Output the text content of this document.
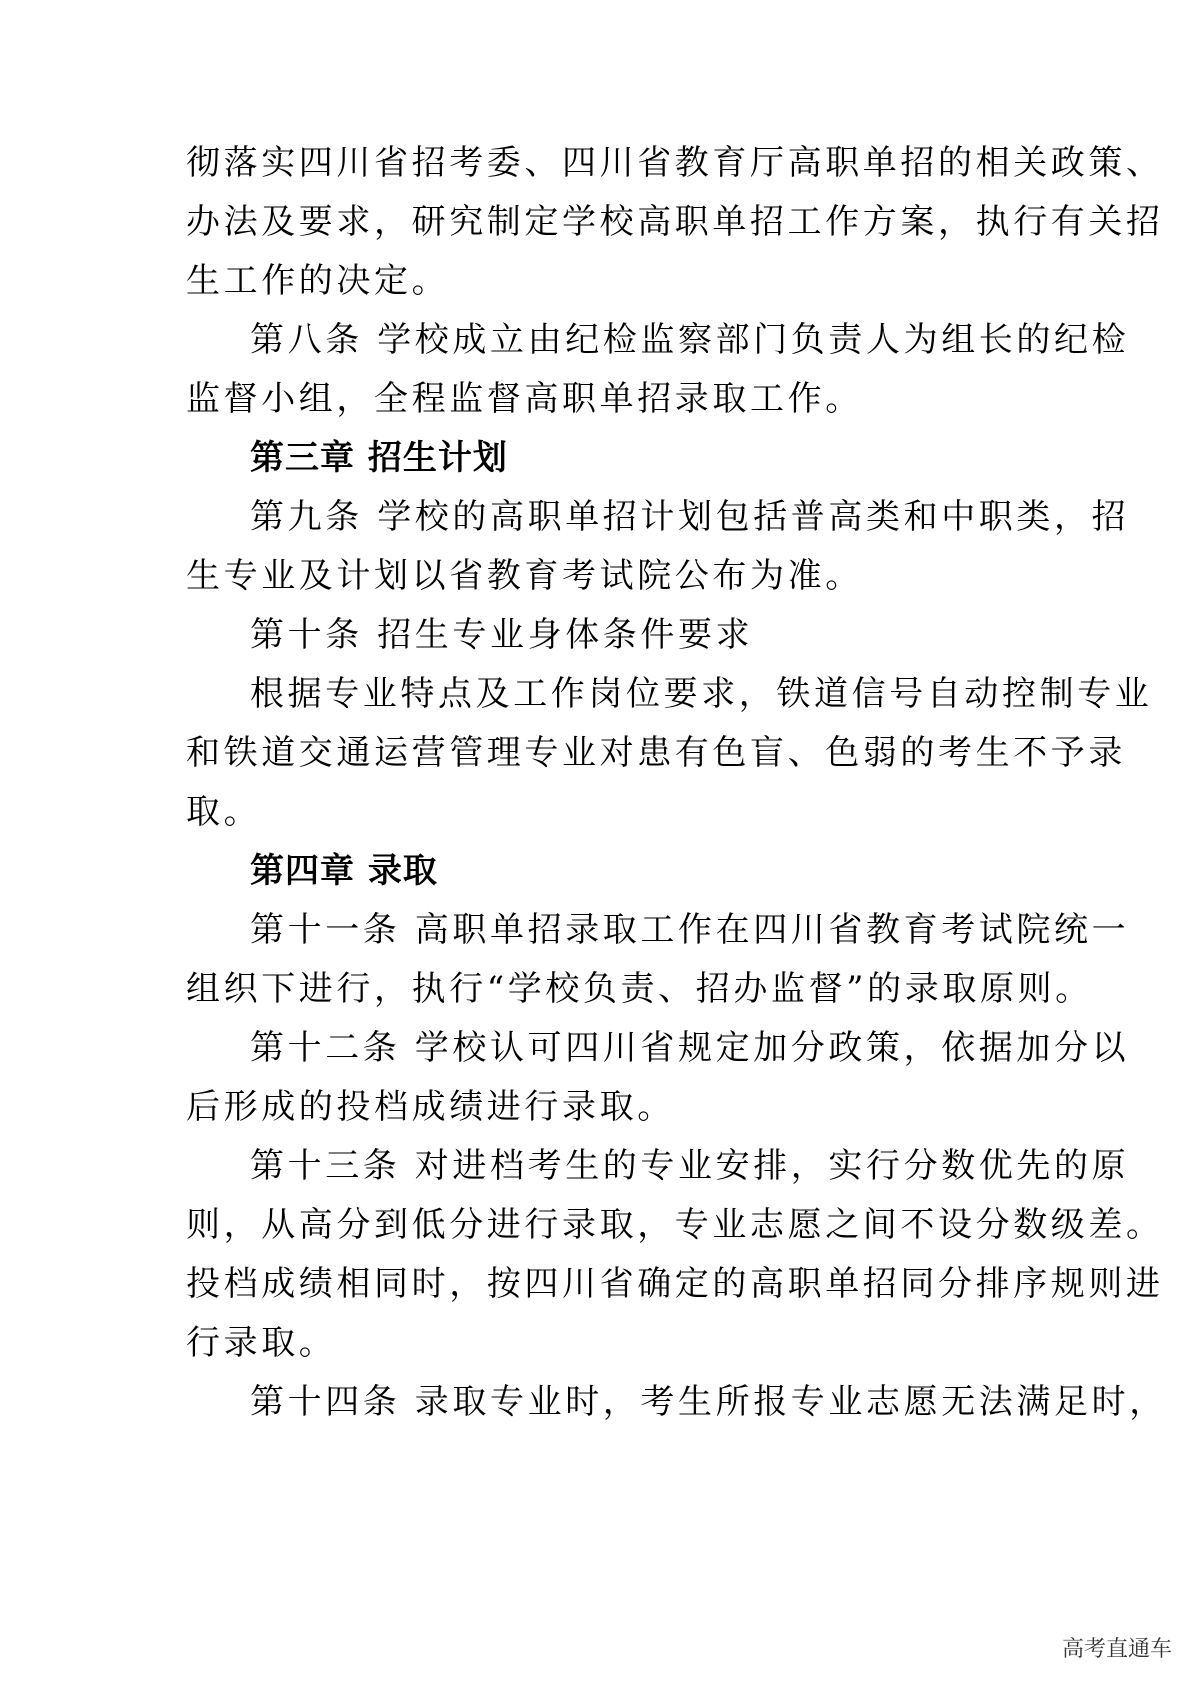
彻落实四川省招考委、四川省教育厅高职单招的相关政策、
办法及要求，研究制定学校高职单招工作方案，执行有关招
生工作的决定。
第八条 学校成立由纪检监察部门负责人为组长的纪检
监督小组，全程监督高职单招录取工作。
第三章 招生计划
第九条 学校的高职单招计划包括普高类和中职类，招
生专业及计划以省教育考试院公布为准。
第十条 招生专业身体条件要求
根据专业特点及工作岗位要求，铁道信号自动控制专业
和铁道交通运营管理专业对患有色盲、色弱的考生不予录
取。
第四章 录取
第十一条 高职单招录取工作在四川省教育考试院统一
组织下进行，执行“学校负责、招办监督”的录取原则。
第十二条 学校认可四川省规定加分政策，依据加分以
后形成的投档成绩进行录取。
第十三条 对进档考生的专业安排，实行分数优先的原
则，从高分到低分进行录取，专业志愿之间不设分数级差。
投档成绩相同时，按四川省确定的高职单招同分排序规则进
行录取。
第十四条 录取专业时，考生所报专业志愿无法满足时，
高考直通车
